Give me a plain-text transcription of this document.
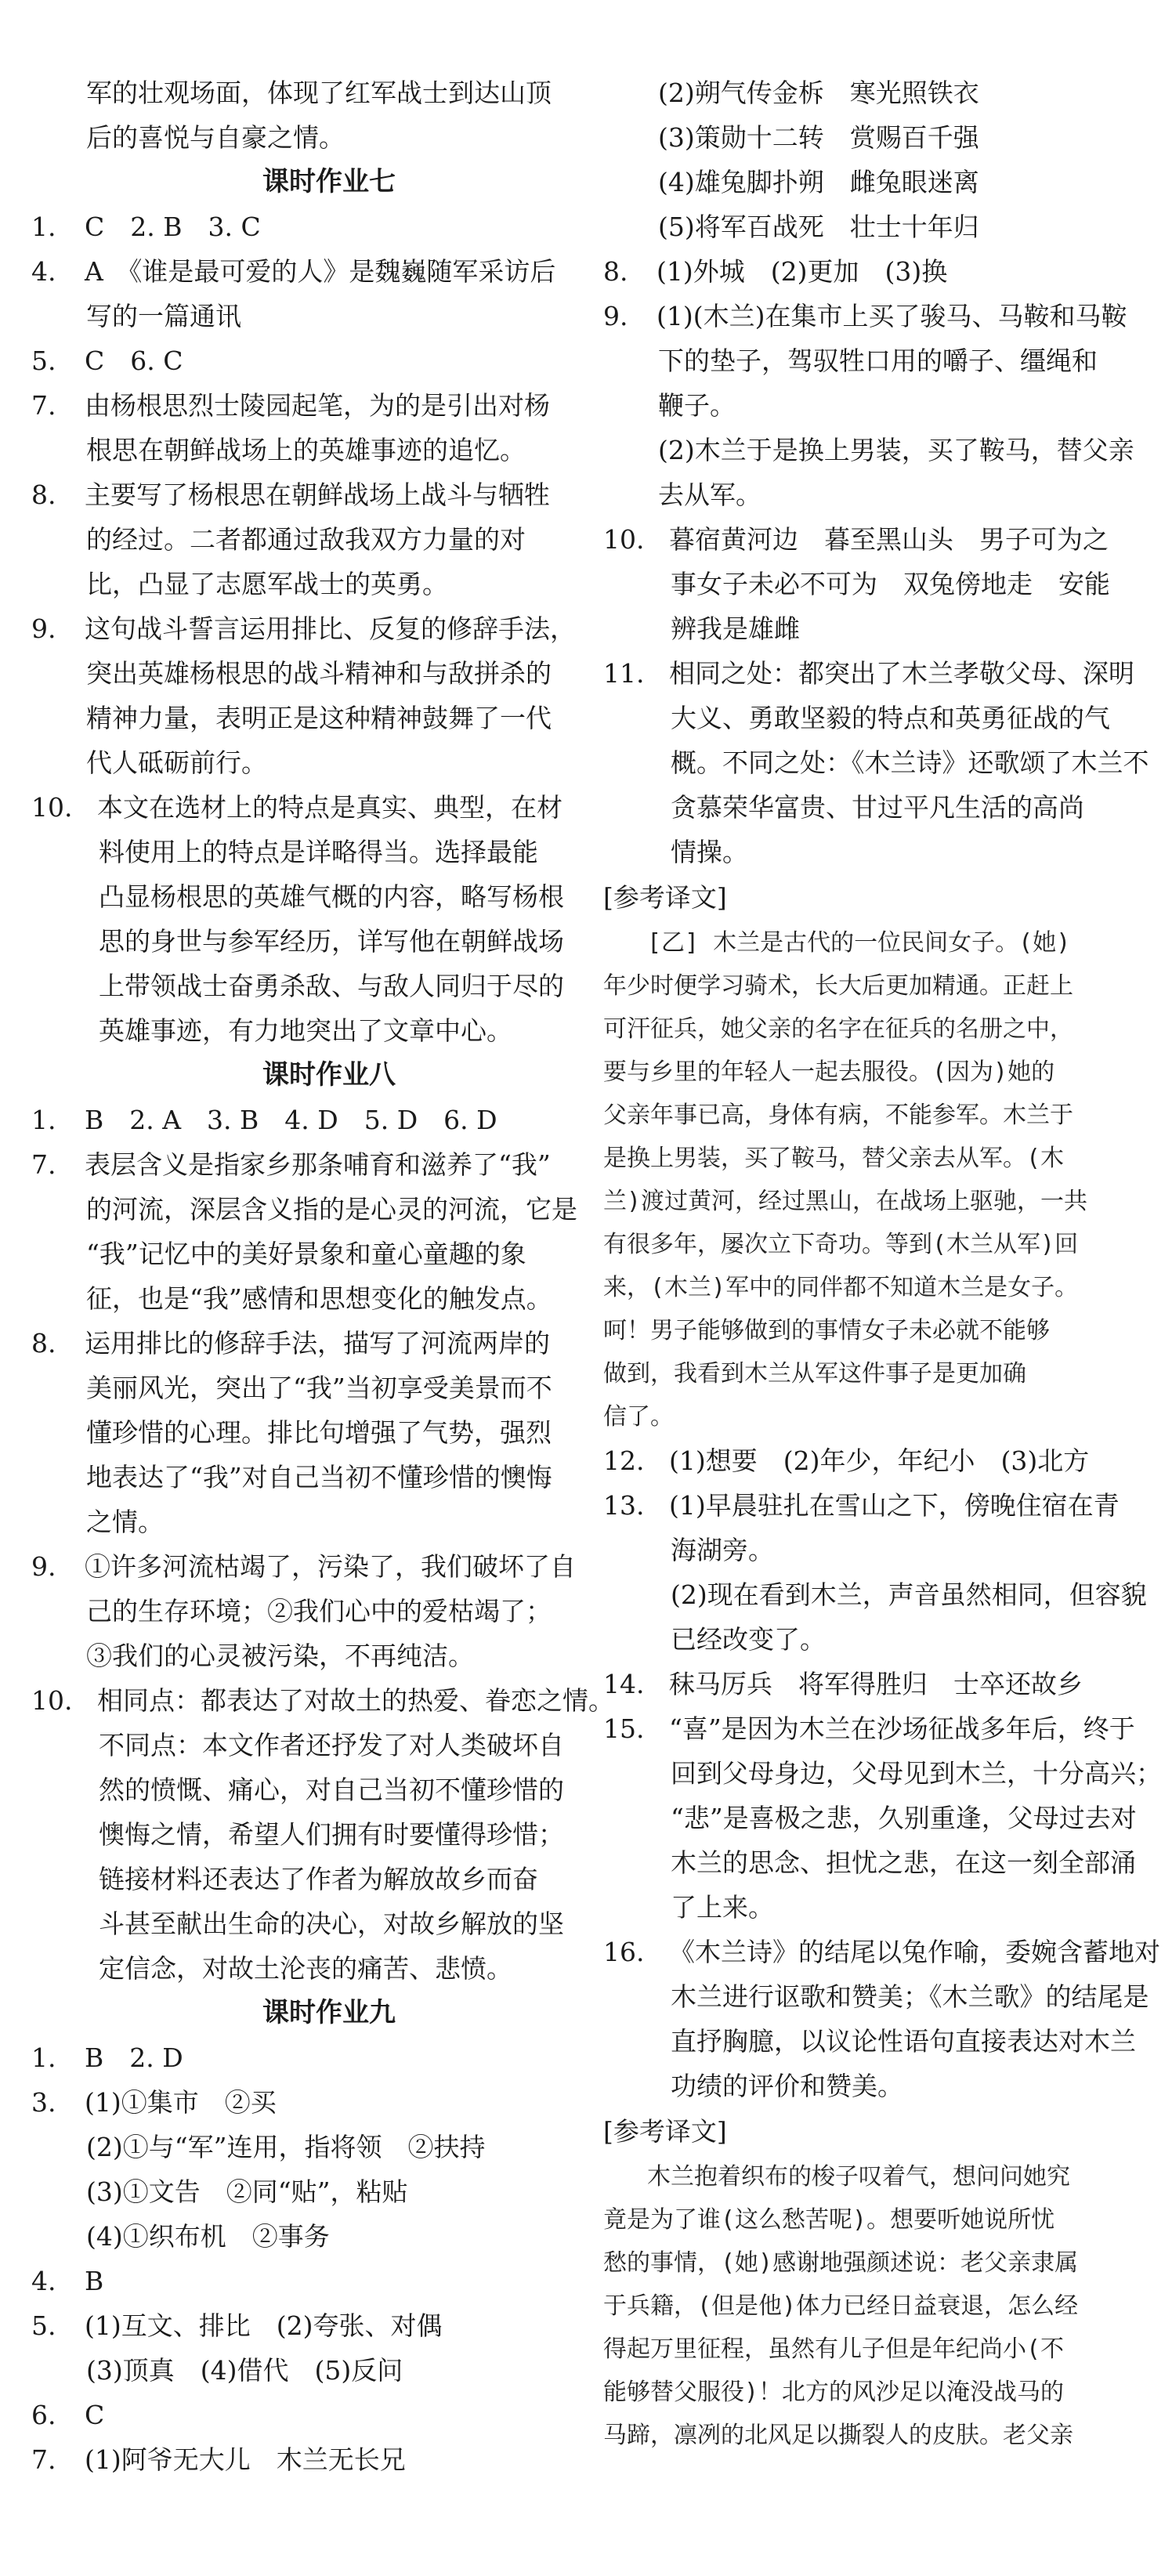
军的壮观场面，体现了红军战士到达山顶
后的喜悦与自豪之情。
课时作业七
1. C　2. B　3. C
4. A　《谁是最可爱的人》是魏巍随军采访后
写的一篇通讯
5. C　6. C
7. 由杨根思烈士陵园起笔，为的是引出对杨
根思在朝鲜战场上的英雄事迹的追忆。
8. 主要写了杨根思在朝鲜战场上战斗与牺牲
的经过。二者都通过敌我双方力量的对
比，凸显了志愿军战士的英勇。
9. 这句战斗誓言运用排比、反复的修辞手法，
突出英雄杨根思的战斗精神和与敌拼杀的
精神力量，表明正是这种精神鼓舞了一代
代人砥砺前行。
10. 本文在选材上的特点是真实、典型，在材
料使用上的特点是详略得当。选择最能
凸显杨根思的英雄气概的内容，略写杨根
思的身世与参军经历，详写他在朝鲜战场
上带领战士奋勇杀敌、与敌人同归于尽的
英雄事迹，有力地突出了文章中心。
课时作业八
1. B　2. A　3. B　4. D　5. D　6. D
7. 表层含义是指家乡那条哺育和滋养了“我”
的河流，深层含义指的是心灵的河流，它是
“我”记忆中的美好景象和童心童趣的象
征，也是“我”感情和思想变化的触发点。
8. 运用排比的修辞手法，描写了河流两岸的
美丽风光，突出了“我”当初享受美景而不
懂珍惜的心理。排比句增强了气势，强烈
地表达了“我”对自己当初不懂珍惜的懊悔
之情。
9. ①许多河流枯竭了，污染了，我们破坏了自
己的生存环境；②我们心中的爱枯竭了；
③我们的心灵被污染，不再纯洁。
10. 相同点：都表达了对故土的热爱、眷恋之情。
不同点：本文作者还抒发了对人类破坏自
然的愤慨、痛心，对自己当初不懂珍惜的
懊悔之情，希望人们拥有时要懂得珍惜；
链接材料还表达了作者为解放故乡而奋
斗甚至献出生命的决心，对故乡解放的坚
定信念，对故土沦丧的痛苦、悲愤。
课时作业九
1. B　2. D
3. (1)①集市　②买
(2)①与“军”连用，指将领　②扶持
(3)①文告　②同“贴”，粘贴
(4)①织布机　②事务
4. B
5. (1)互文、排比　(2)夸张、对偶
(3)顶真　(4)借代　(5)反问
6. C
7. (1)阿爷无大儿　木兰无长兄
(2)朔气传金柝　寒光照铁衣
(3)策勋十二转　赏赐百千强
(4)雄兔脚扑朔　雌兔眼迷离
(5)将军百战死　壮士十年归
8. (1)外城　(2)更加　(3)换
9. (1)(木兰)在集市上买了骏马、马鞍和马鞍
下的垫子，驾驭牲口用的嚼子、缰绳和
鞭子。
(2)木兰于是换上男装，买了鞍马，替父亲
去从军。
10. 暮宿黄河边　暮至黑山头　男子可为之
事女子未必不可为　双兔傍地走　安能
辨我是雄雌
11. 相同之处：都突出了木兰孝敬父母、深明
大义、勇敢坚毅的特点和英勇征战的气
概。不同之处：《木兰诗》还歌颂了木兰不
贪慕荣华富贵、甘过平凡生活的高尚
情操。
[参考译文]
[乙] 木兰是古代的一位民间女子。(她)
年少时便学习骑术，长大后更加精通。正赶上
可汗征兵，她父亲的名字在征兵的名册之中，
要与乡里的年轻人一起去服役。(因为)她的
父亲年事已高，身体有病，不能参军。木兰于
是换上男装，买了鞍马，替父亲去从军。(木
兰)渡过黄河，经过黑山，在战场上驱驰，一共
有很多年，屡次立下奇功。等到(木兰从军)回
来，(木兰)军中的同伴都不知道木兰是女子。
呵！男子能够做到的事情女子未必就不能够
做到，我看到木兰从军这件事子是更加确
信了。
12. (1)想要　(2)年少，年纪小　(3)北方
13. (1)早晨驻扎在雪山之下，傍晚住宿在青
海湖旁。
(2)现在看到木兰，声音虽然相同，但容貌
已经改变了。
14. 秣马厉兵　将军得胜归　士卒还故乡
15. “喜”是因为木兰在沙场征战多年后，终于
回到父母身边，父母见到木兰，十分高兴；
“悲”是喜极之悲，久别重逢，父母过去对
木兰的思念、担忧之悲，在这一刻全部涌
了上来。
16. 《木兰诗》的结尾以兔作喻，委婉含蓄地对
木兰进行讴歌和赞美；《木兰歌》的结尾是
直抒胸臆，以议论性语句直接表达对木兰
功绩的评价和赞美。
[参考译文]
木兰抱着织布的梭子叹着气，想问问她究
竟是为了谁(这么愁苦呢)。想要听她说所忧
愁的事情，(她)感谢地强颜述说：老父亲隶属
于兵籍，(但是他)体力已经日益衰退，怎么经
得起万里征程，虽然有儿子但是年纪尚小(不
能够替父服役)！北方的风沙足以淹没战马的
马蹄，凛冽的北风足以撕裂人的皮肤。老父亲
